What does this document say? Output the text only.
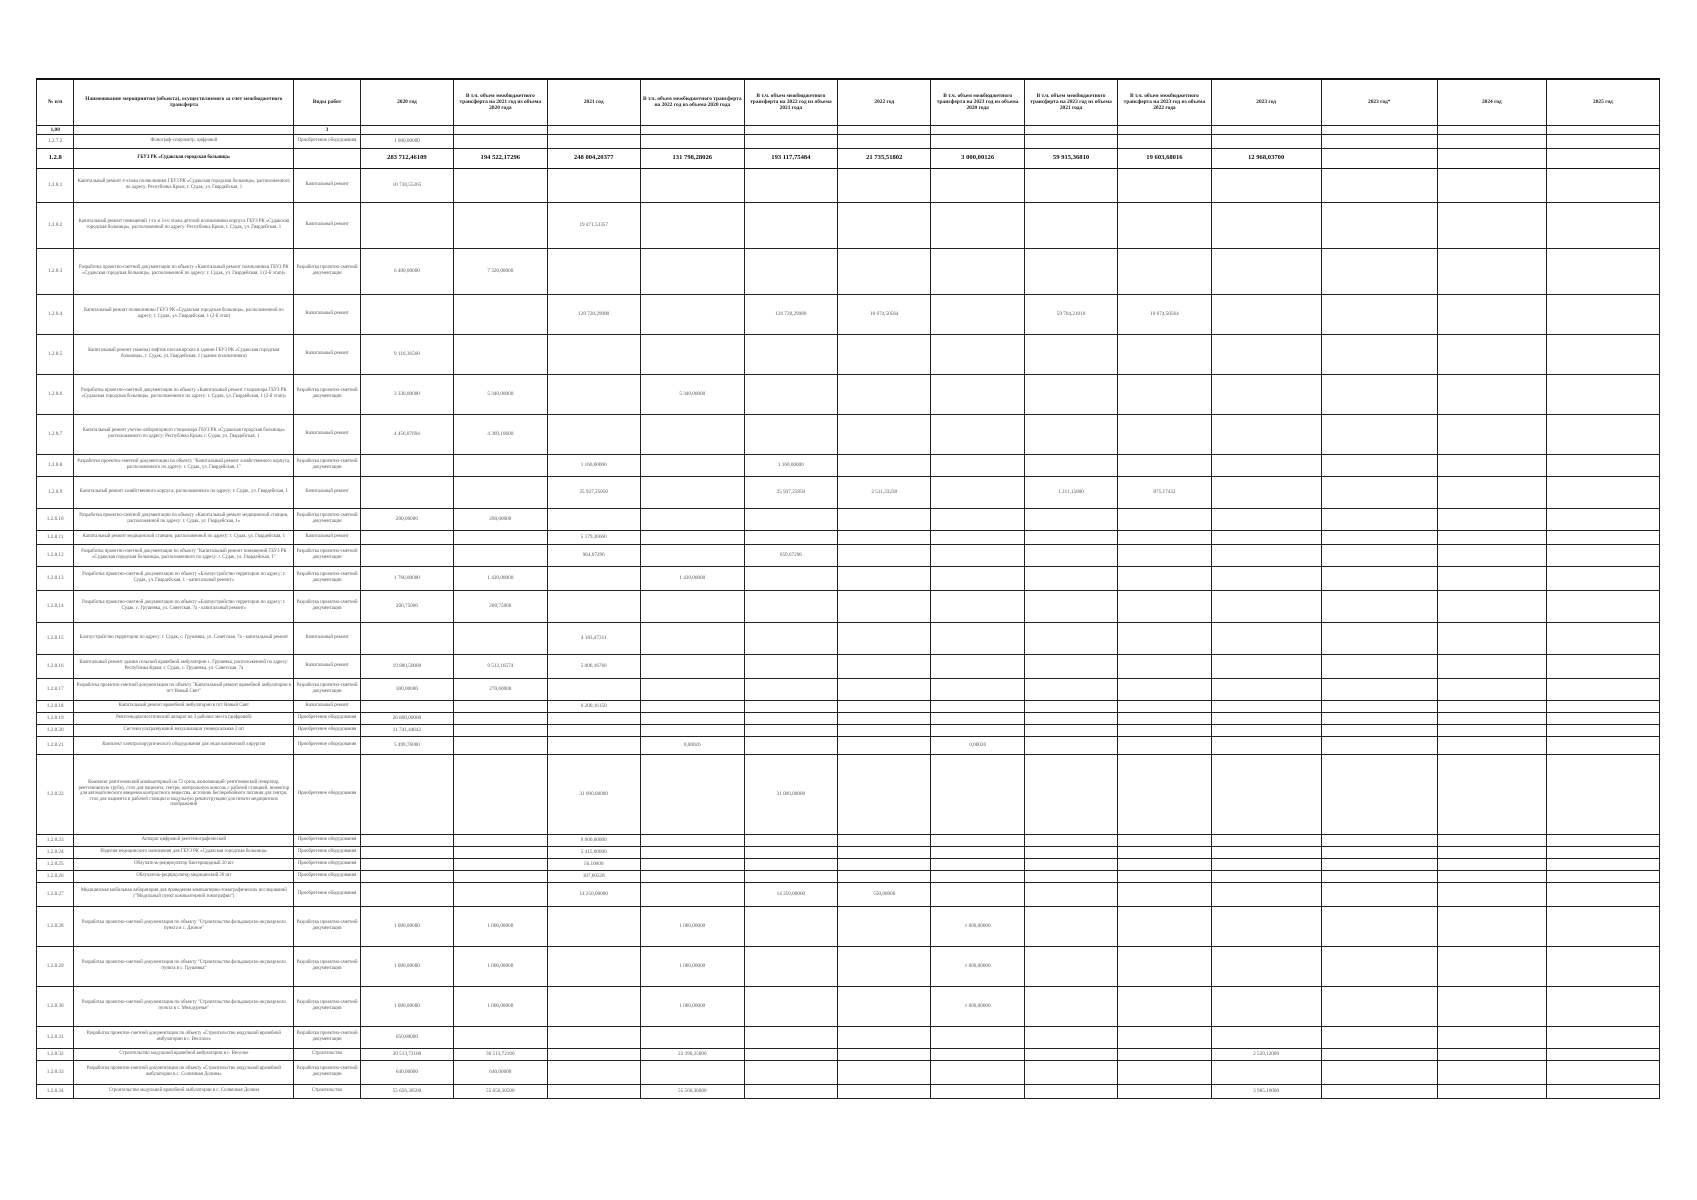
№ п/п	Наименование мероприятия (объекта), осуществляемого за счет межбюджетного трансферта	Виды работ	2020 год	В т.ч. объем межбюджетного трансферта на 2021 год из объема 2020 года	2021 год	В т.ч. объем межбюджетного трансферта на 2022 год из объема 2020 года	В т.ч. объем межбюджетного трансферта на 2022 год из объема 2021 года	2022 год	В т.ч. объем межбюджетного трансферта на 2023 год из объема 2020 года	В т.ч. объем межбюджетного трансферта на 2023 год из объема 2021 года	В т.ч. объем межбюджетного трансферта на 2023 год из объема 2022 года	2023 год	2023 год*	2024 год	2025 год
1,00		3													
1.2.7.2	Фонограф-спирометр, цифровой	Приобретение оборудования	1 000,00000												
1.2.8	ГБУЗ РК «Судакская городская больница»		283 712,46109	194 522,17296	248 004,20377	131 798,28026	193 117,75484	21 735,51802	3 000,00126	59 915,36810	19 603,68016	12 968,03700			
1.2.8.1	Капитальный ремонт 4-этажа поликлиники ГБУЗ РК «Судакская городская больница», расположенного по адресу: Республика Крым, г. Судак, ул. Гвардейская, 1	Капитальный ремонт	10 730,55365												
1.2.8.2	Капитальный ремонт помещений 1-го и 3-го этажа детской поликлиники корпуса ГБУЗ РК «Судакская городская больница», расположенной по адресу: Республика Крым, г. Судак, ул. Гвардейская, 1	Капитальный ремонт			19 471,53357										
1.2.8.3	Разработка проектно-сметной документации по объекту «Капитальный ремонт поликлиники ГБУЗ РК «Судакская городская больница», расположенной по адресу: г. Судак, ул. Гвардейская, 1 (2-й этап)»	Разработка проектно-сметной документации	6 400,00000	7 320,00000											
1.2.8.4	Капитальный ремонт поликлиники ГБУЗ РК «Судакская городская больница», расположенной по адресу: г. Судак, ул. Гвардейская, 1 (2-й этап)	Капитальный ремонт			120 720,29980		120 720,29980	10 674,50564		59 704,21010	10 674,50564				
1.2.8.5	Капитальный ремонт (замена) лифтов пассажирских в здании ГБУЗ РК «Судакская городская больница», г. Судак, ул. Гвардейская, 1 (здание поликлиники)	Капитальный ремонт	9 116,36560												
1.2.8.6	Разработка проектно-сметной документации по объекту «Капитальный ремонт стационара ГБУЗ РК «Судакская городская больница», расположенного по адресу: г. Судак, ул. Гвардейская, 1 (2-й этап)»	Разработка проектно-сметной документации	3 330,00000	5 340,00000		5 340,00000									
1.2.8.7	Капитальный ремонт учетно-лабораторного стационара ГБУЗ РК «Судакская городская больница» расположенного по адресу: Республика Крым, г. Судак, ул. Гвардейская, 1	Капитальный ремонт	4 456,07694	4 369,10600											
1.2.8.8	Разработка проектно-сметной документации по объекту "Капитальный ремонт хозяйственного корпуса, расположенного по адресу: г. Судак, ул. Гвардейская, 1"	Разработка проектно-сметной документации			1 160,00000		1 160,00000								
1.2.8.9	Капитальный ремонт хозяйственного корпуса, расположенного по адресу: г. Судак, ул. Гвардейская, 1	Капитальный ремонт			25 937,25850		25 937,25850	2 511,33238		1 211,15800	875,17432				
1.2.8.10	Разработка проектно-сметной документации по объекту «Капитальный ремонт медицинской станции, расположенной по адресу: г. Судак, ул. Гвардейская, 1»	Разработка проектно-сметной документации	200,00000	200,00000											
1.2.8.11	Капитальный ремонт медицинской станции, расположенной по адресу: г. Судак, ул. Гвардейская, 1	Капитальный ремонт			5 179,36660										
1.2.8.12	Разработка проектно-сметной документации по объекту "Капитальный ремонт помещений ГБУЗ РК «Судакская городская больница», расположенного по адресу: г. Судак, ул. Гвардейская, 1"	Разработка проектно-сметной документации			964,67296		659,67296								
1.2.8.13	Разработка проектно-сметной документации по объекту «Благоустройство территории по адресу: г. Судак, ул. Гвардейская, 1 - капитальный ремонт»	Разработка проектно-сметной документации	1 760,00000	1 420,00000		1 420,00000									
1.2.8.14	Разработка проектно-сметной документации по объекту «Благоустройство территории по адресу: г. Судак, с. Грушевка, ул. Советская, 7а - капитальный ремонт»	Разработка проектно-сметной документации	200,75000	200,75000											
1.2.8.15	Благоустройство территории по адресу: г. Судак, с. Грушевка, ул. Советская, 7а - капитальный ремонт	Капитальный ремонт			4 183,47311										
1.2.8.16	Капитальный ремонт здания сельской врачебной амбулатории с. Грушевка, расположенной по адресу: Республика Крым, г. Судак, с. Грушевка, ул. Советская, 7а	Капитальный ремонт	19 880,50000	9 512,16574	5 006,16766										
1.2.8.17	Разработка проектно-сметной документации по объекту "Капитальный ремонт врачебной амбулатории в пгт Новый Свет"	Разработка проектно-сметной документации	300,00000	270,60000											
1.2.8.18	Капитальный ремонт врачебной амбулатории в пгт Новый Свет	Капитальный ремонт			6 200,16150										
1.2.8.19	Рентгенодиагностический аппарат на 3 рабочих места (цифровой)	Приобретение оборудования	26 800,00000												
1.2.8.20	Система ультразвуковой визуализации универсальная 2 шт	Приобретение оборудования	11 741,44642												
1.2.8.21	Комплект электрохирургического оборудования для эндоскопической хирургии	Приобретение оборудования	5 499,76000			0,00026			0,00026						
1.2.8.22	Комплекс рентгеновский компьютерный на 72 среза, включающий: рентгеновский генератор, рентгеновскую трубку, стол для пациента, гентри, контрольную консоль с рабочей станцией, инжектор для автоматического введения контрастного вещества, источник бесперебойного питания для гентри, стол для пациента и рабочей станции и модульную реконструкцию для печати медицинских изображений	Приобретение оборудования			31 000,00000		31 000,00000								
1.2.8.23	Аппарат цифровой рентгенографический	Приобретение оборудования			8 000,00000										
1.2.8.24	Изделия медицинского назначения для ГБУЗ РК «Судакская городская больница»	Приобретение оборудования			5 415,00000										
1.2.8.25	Облучатель-рециркулятор бактерицидный 20 шт	Приобретение оборудования			56,10000										
1.2.8.26	Облучатель-рециркулятор медицинский 20 шт	Приобретение оборудования			187,60528										
1.2.8.27	Медицинская мобильная лаборатория для проведения компьютерно-томографических исследований ("Модульный пункт компьютерной томографии")	Приобретение оборудования			14 250,00000		14 250,00000	550,00000							
1.2.8.28	Разработка проектно-сметной документации по объекту "Строительство фельдшерско-акушерского пункта в с. Дачное"	Разработка проектно-сметной документации	1 000,00000	1 000,00000		1 000,00000			1 000,00000						
1.2.8.29	Разработка проектно-сметной документации по объекту "Строительство фельдшерско-акушерского пункта в с. Грушевка"	Разработка проектно-сметной документации	1 000,00000	1 000,00000		1 000,00000			1 000,00000						
1.2.8.30	Разработка проектно-сметной документации по объекту "Строительство фельдшерско-акушерского пункта в с. Междуречье"	Разработка проектно-сметной документации	1 000,00000	1 000,00000		1 000,00000			1 000,00000						
1.2.8.31	Разработка проектно-сметной документации по объекту «Строительство модульной врачебной амбулатории в с. Веселое»	Разработка проектно-сметной документации	650,00000												
1.2.8.32	Строительство модульной врачебной амбулатории в с. Веселое	Строительство	30 513,72100	30 513,72100		22 390,25000						2 520,12000			
1.2.8.33	Разработка проектно-сметной документации по объекту «Строительство модульной врачебной амбулатории в с. Солнечная Долина»	Разработка проектно-сметной документации	640,00000	640,00000											
1.2.8.34	Строительство модульной врачебной амбулатории в с. Солнечная Долина	Строительство	55 656,30500	55 656,30500		55 566,36000						3 985,10000			
